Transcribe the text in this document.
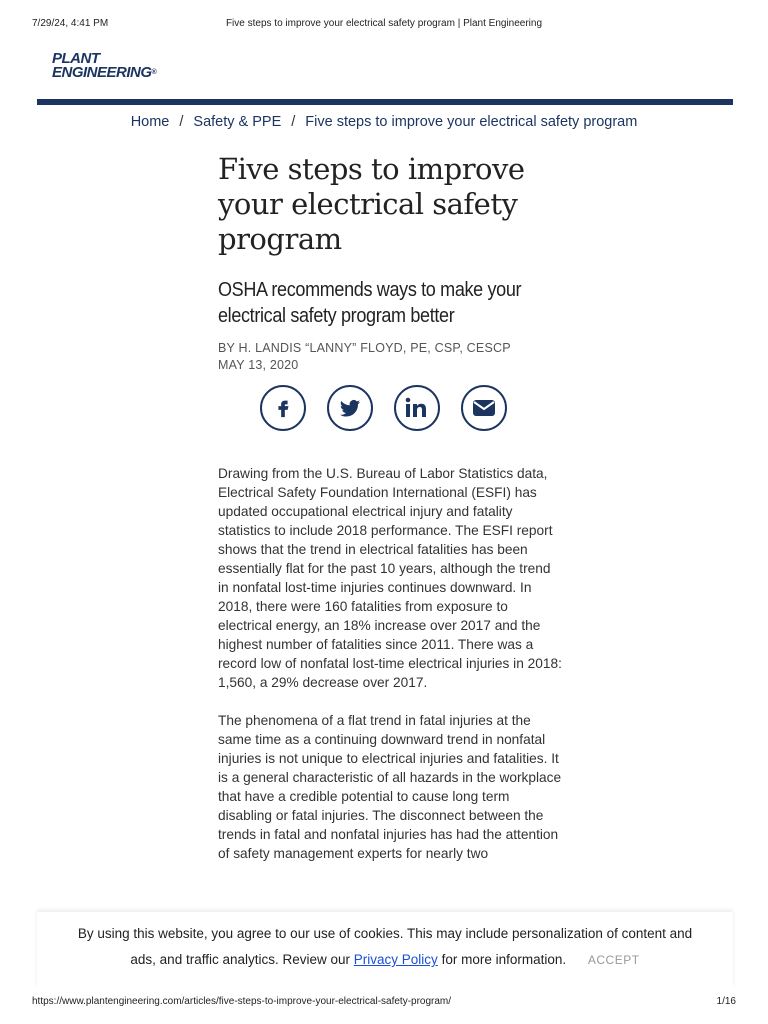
7/29/24, 4:41 PM	Five steps to improve your electrical safety program | Plant Engineering
PLANT
ENGINEERING®
Home / Safety & PPE / Five steps to improve your electrical safety program
Five steps to improve your electrical safety program
OSHA recommends ways to make your electrical safety program better
BY H. LANDIS “LANNY” FLOYD, PE, CSP, CESCP
MAY 13, 2020

Drawing from the U.S. Bureau of Labor Statistics data, Electrical Safety Foundation International (ESFI) has updated occupational electrical injury and fatality statistics to include 2018 performance. The ESFI report shows that the trend in electrical fatalities has been essentially flat for the past 10 years, although the trend in nonfatal lost-time injuries continues downward. In 2018, there were 160 fatalities from exposure to electrical energy, an 18% increase over 2017 and the highest number of fatalities since 2011. There was a record low of nonfatal lost-time electrical injuries in 2018: 1,560, a 29% decrease over 2017.

The phenomena of a flat trend in fatal injuries at the same time as a continuing downward trend in nonfatal injuries is not unique to electrical injuries and fatalities. It is a general characteristic of all hazards in the workplace that have a credible potential to cause long term disabling or fatal injuries. The disconnect between the trends in fatal and nonfatal injuries has had the attention of safety management experts for nearly two

By using this website, you agree to our use of cookies. This may include personalization of content and
ads, and traffic analytics. Review our Privacy Policy for more information. ACCEPT
https://www.plantengineering.com/articles/five-steps-to-improve-your-electrical-safety-program/	1/16
